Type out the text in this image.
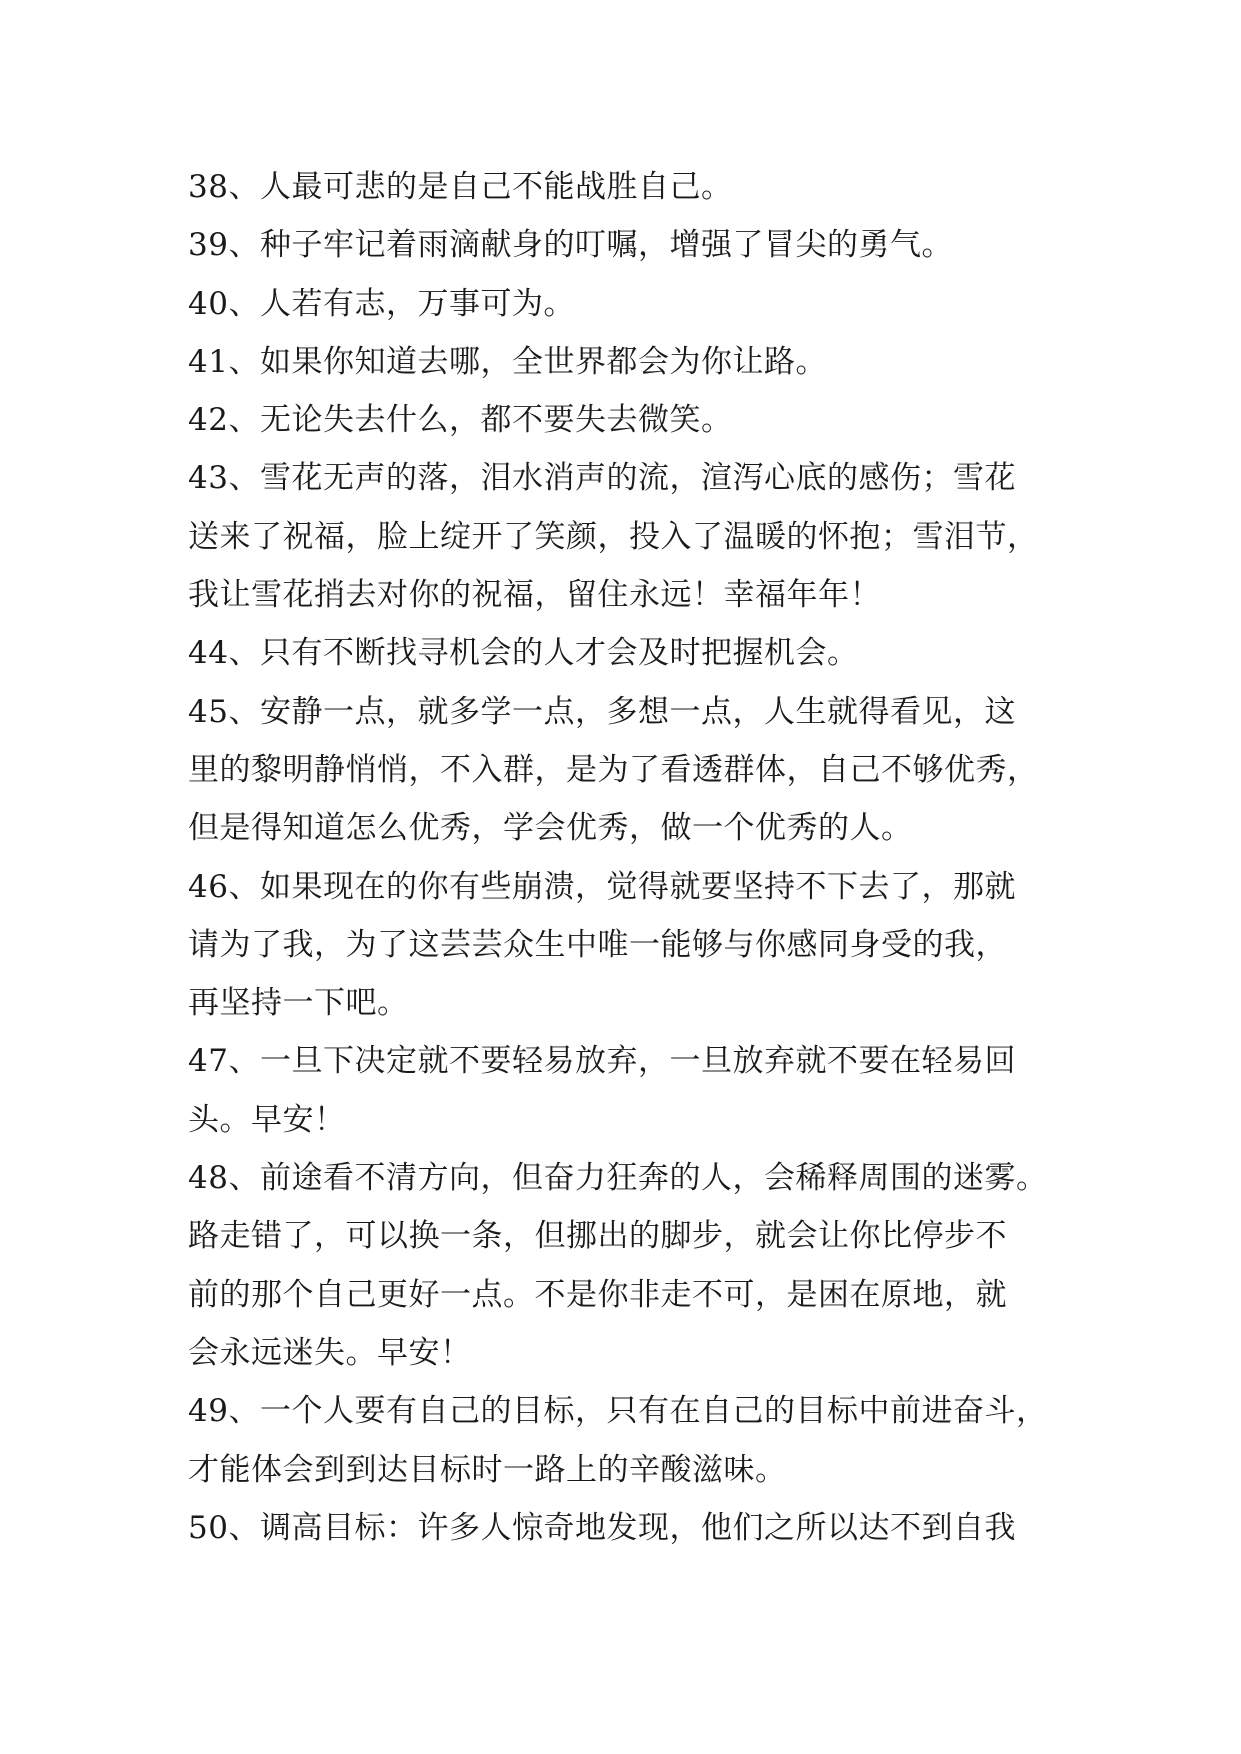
38、人最可悲的是自己不能战胜自己。
39、种子牢记着雨滴献身的叮嘱，增强了冒尖的勇气。
40、人若有志，万事可为。
41、如果你知道去哪，全世界都会为你让路。
42、无论失去什么，都不要失去微笑。
43、雪花无声的落，泪水消声的流，渲泻心底的感伤；雪花
送来了祝福，脸上绽开了笑颜，投入了温暖的怀抱；雪泪节，
我让雪花捎去对你的祝福，留住永远！幸福年年！
44、只有不断找寻机会的人才会及时把握机会。
45、安静一点，就多学一点，多想一点，人生就得看见，这
里的黎明静悄悄，不入群，是为了看透群体，自己不够优秀，
但是得知道怎么优秀，学会优秀，做一个优秀的人。
46、如果现在的你有些崩溃，觉得就要坚持不下去了，那就
请为了我，为了这芸芸众生中唯一能够与你感同身受的我，
再坚持一下吧。
47、一旦下决定就不要轻易放弃，一旦放弃就不要在轻易回
头。早安！
48、前途看不清方向，但奋力狂奔的人，会稀释周围的迷雾。
路走错了，可以换一条，但挪出的脚步，就会让你比停步不
前的那个自己更好一点。不是你非走不可，是困在原地，就
会永远迷失。早安！
49、一个人要有自己的目标，只有在自己的目标中前进奋斗，
才能体会到到达目标时一路上的辛酸滋味。
50、调高目标：许多人惊奇地发现，他们之所以达不到自我
